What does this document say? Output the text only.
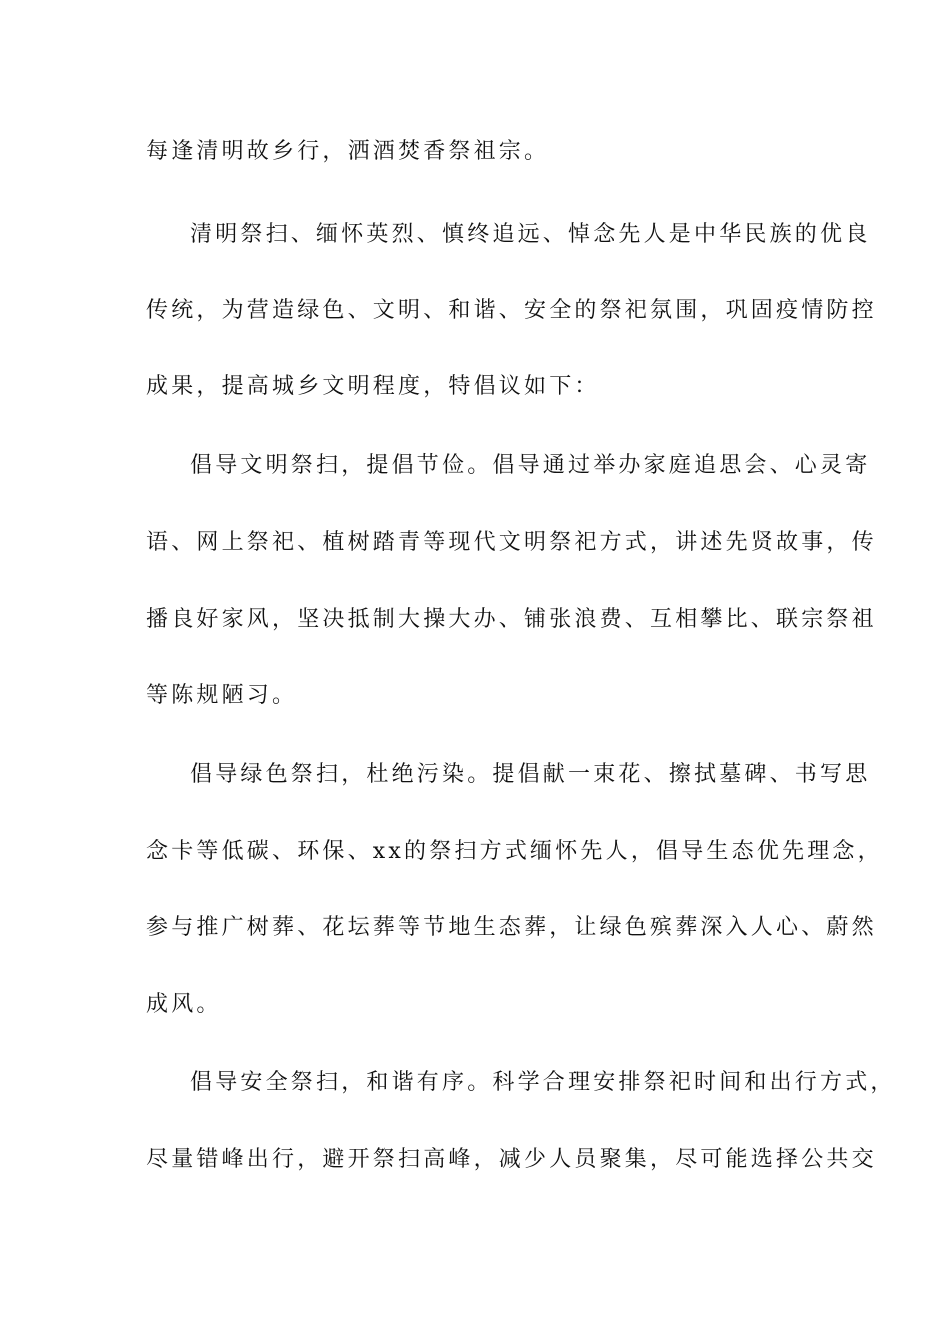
每逢清明故乡行，洒酒焚香祭祖宗。
清明祭扫、缅怀英烈、慎终追远、悼念先人是中华民族的优良
传统，为营造绿色、文明、和谐、安全的祭祀氛围，巩固疫情防控
成果，提高城乡文明程度，特倡议如下：
倡导文明祭扫，提倡节俭。倡导通过举办家庭追思会、心灵寄
语、网上祭祀、植树踏青等现代文明祭祀方式，讲述先贤故事，传
播良好家风，坚决抵制大操大办、铺张浪费、互相攀比、联宗祭祖
等陈规陋习。
倡导绿色祭扫，杜绝污染。提倡献一束花、擦拭墓碑、书写思
念卡等低碳、环保、xx的祭扫方式缅怀先人，倡导生态优先理念，
参与推广树葬、花坛葬等节地生态葬，让绿色殡葬深入人心、蔚然
成风。
倡导安全祭扫，和谐有序。科学合理安排祭祀时间和出行方式，
尽量错峰出行，避开祭扫高峰，减少人员聚集，尽可能选择公共交
